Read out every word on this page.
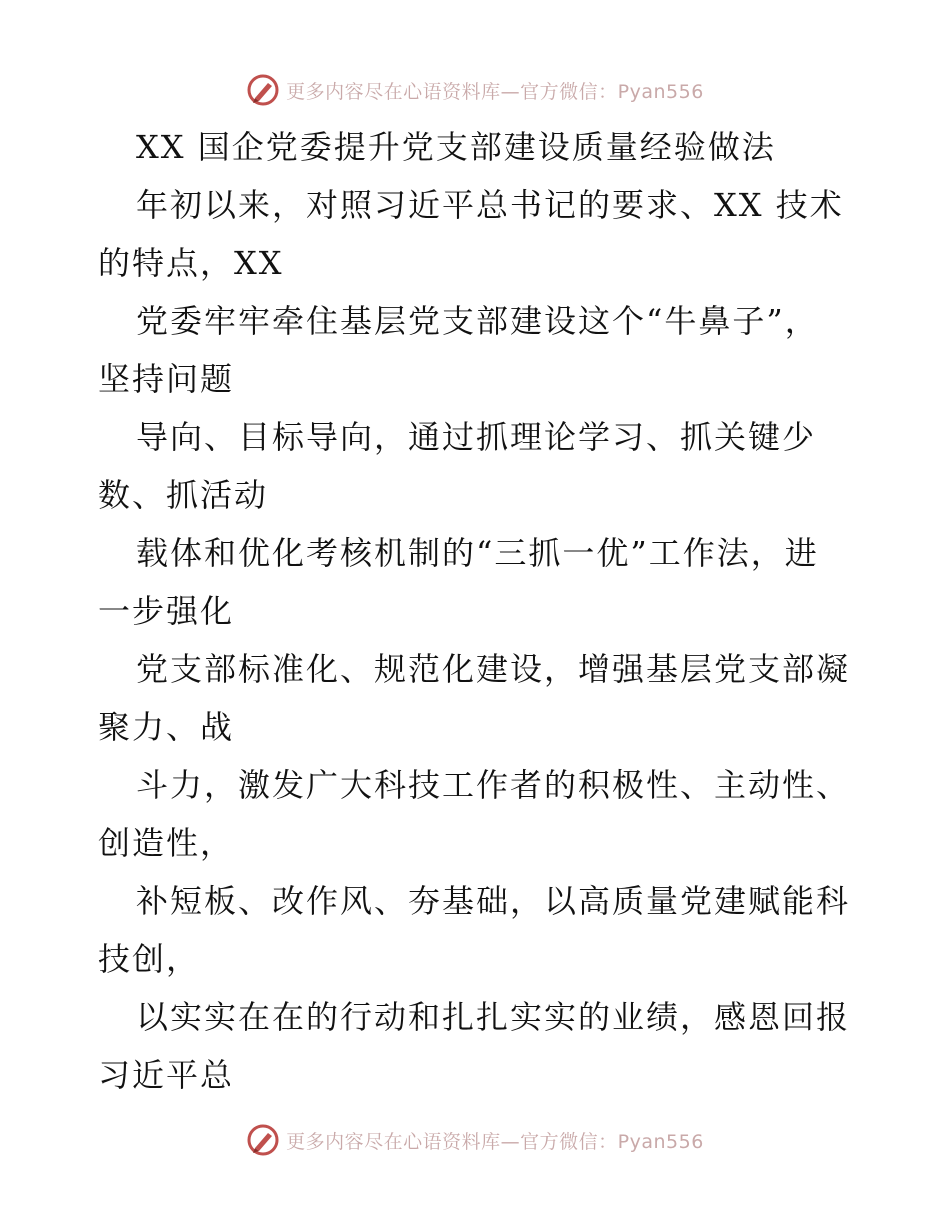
更多内容尽在心语资料库—官方微信：Pyan556
XX 国企党委提升党支部建设质量经验做法
年初以来，对照习近平总书记的要求、XX 技术
的特点，XX
党委牢牢牵住基层党支部建设这个“牛鼻子”，
坚持问题
导向、目标导向，通过抓理论学习、抓关键少
数、抓活动
载体和优化考核机制的“三抓一优”工作法，进
一步强化
党支部标准化、规范化建设，增强基层党支部凝
聚力、战
斗力，激发广大科技工作者的积极性、主动性、
创造性，
补短板、改作风、夯基础，以高质量党建赋能科
技创，
以实实在在的行动和扎扎实实的业绩，感恩回报
习近平总
更多内容尽在心语资料库—官方微信：Pyan556
